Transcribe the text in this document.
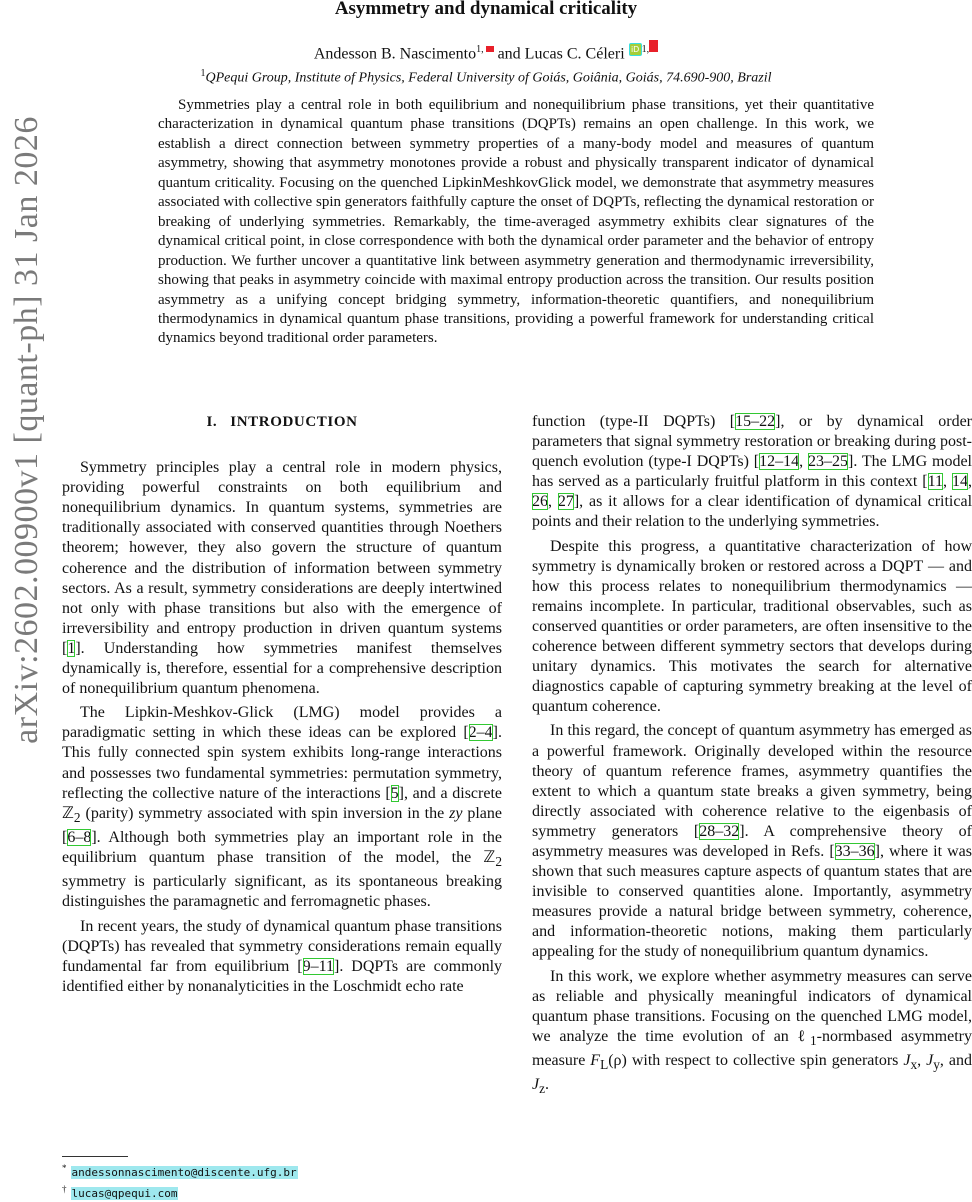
arXiv:2602.00900v1 [quant-ph] 31 Jan 2026
Asymmetry and dynamical criticality
Andesson B. Nascimento$^{1,}$ and Lucas C. Céleri iD $^{1,}$
$^1$QPequi Group, Institute of Physics, Federal University of Goiás, Goiânia, Goiás, 74.690-900, Brazil

Symmetries play a central role in both equilibrium and nonequilibrium phase transitions, yet their quantitative characterization in dynamical quantum phase transitions (DQPTs) remains an open challenge. In this work, we establish a direct connection between symmetry properties of a many-body model and measures of quantum asymmetry, showing that asymmetry monotones provide a robust and physically transparent indicator of dynamical quantum criticality. Focusing on the quenched LipkinMeshkovGlick model, we demonstrate that asymmetry measures associated with collective spin generators faithfully capture the onset of DQPTs, reflecting the dynamical restoration or breaking of underlying symmetries. Remarkably, the time-averaged asymmetry exhibits clear signatures of the dynamical critical point, in close correspondence with both the dynamical order parameter and the behavior of entropy production. We further uncover a quantitative link between asymmetry generation and thermodynamic irreversibility, showing that peaks in asymmetry coincide with maximal entropy production across the transition. Our results position asymmetry as a unifying concept bridging symmetry, information-theoretic quantifiers, and nonequilibrium thermodynamics in dynamical quantum phase transitions, providing a powerful framework for understanding critical dynamics beyond traditional order parameters.

I.   INTRODUCTION

Symmetry principles play a central role in modern physics, providing powerful constraints on both equilibrium and nonequilibrium dynamics. In quantum systems, symmetries are traditionally associated with conserved quantities through Noethers theorem; however, they also govern the structure of quantum coherence and the distribution of information between symmetry sectors. As a result, symmetry considerations are deeply intertwined not only with phase transitions but also with the emergence of irreversibility and entropy production in driven quantum systems [1]. Understanding how symmetries manifest themselves dynamically is, therefore, essential for a comprehensive description of nonequilibrium quantum phenomena.

The Lipkin-Meshkov-Glick (LMG) model provides a paradigmatic setting in which these ideas can be explored [2–4]. This fully connected spin system exhibits long-range interactions and possesses two fundamental symmetries: permutation symmetry, reflecting the collective nature of the interactions [5], and a discrete ℤ$_2$ (parity) symmetry associated with spin inversion in the zy plane [6–8]. Although both symmetries play an important role in the equilibrium quantum phase transition of the model, the ℤ$_2$ symmetry is particularly significant, as its spontaneous breaking distinguishes the paramagnetic and ferromagnetic phases.

In recent years, the study of dynamical quantum phase transitions (DQPTs) has revealed that symmetry considerations remain equally fundamental far from equilibrium [9–11]. DQPTs are commonly identified either by nonanalyticities in the Loschmidt echo rate

function (type-II DQPTs) [15–22], or by dynamical order parameters that signal symmetry restoration or breaking during post-quench evolution (type-I DQPTs) [12–14, 23–25]. The LMG model has served as a particularly fruitful platform in this context [11, 14, 26, 27], as it allows for a clear identification of dynamical critical points and their relation to the underlying symmetries.

Despite this progress, a quantitative characterization of how symmetry is dynamically broken or restored across a DQPT — and how this process relates to nonequilibrium thermodynamics — remains incomplete. In particular, traditional observables, such as conserved quantities or order parameters, are often insensitive to the coherence between different symmetry sectors that develops during unitary dynamics. This motivates the search for alternative diagnostics capable of capturing symmetry breaking at the level of quantum coherence.

In this regard, the concept of quantum asymmetry has emerged as a powerful framework. Originally developed within the resource theory of quantum reference frames, asymmetry quantifies the extent to which a quantum state breaks a given symmetry, being directly associated with coherence relative to the eigenbasis of symmetry generators [28–32]. A comprehensive theory of asymmetry measures was developed in Refs. [33–36], where it was shown that such measures capture aspects of quantum states that are invisible to conserved quantities alone. Importantly, asymmetry measures provide a natural bridge between symmetry, coherence, and information-theoretic notions, making them particularly appealing for the study of nonequilibrium quantum dynamics.

In this work, we explore whether asymmetry measures can serve as reliable and physically meaningful indicators of dynamical quantum phase transitions. Focusing on the quenched LMG model, we analyze the time evolution of an ℓ$_1$-normbased asymmetry measure $F_L(\rho)$ with respect to collective spin generators $J_x$, $J_y$, and $J_z$.

* andessonnascimento@discente.ufg.br
† lucas@qpequi.com
